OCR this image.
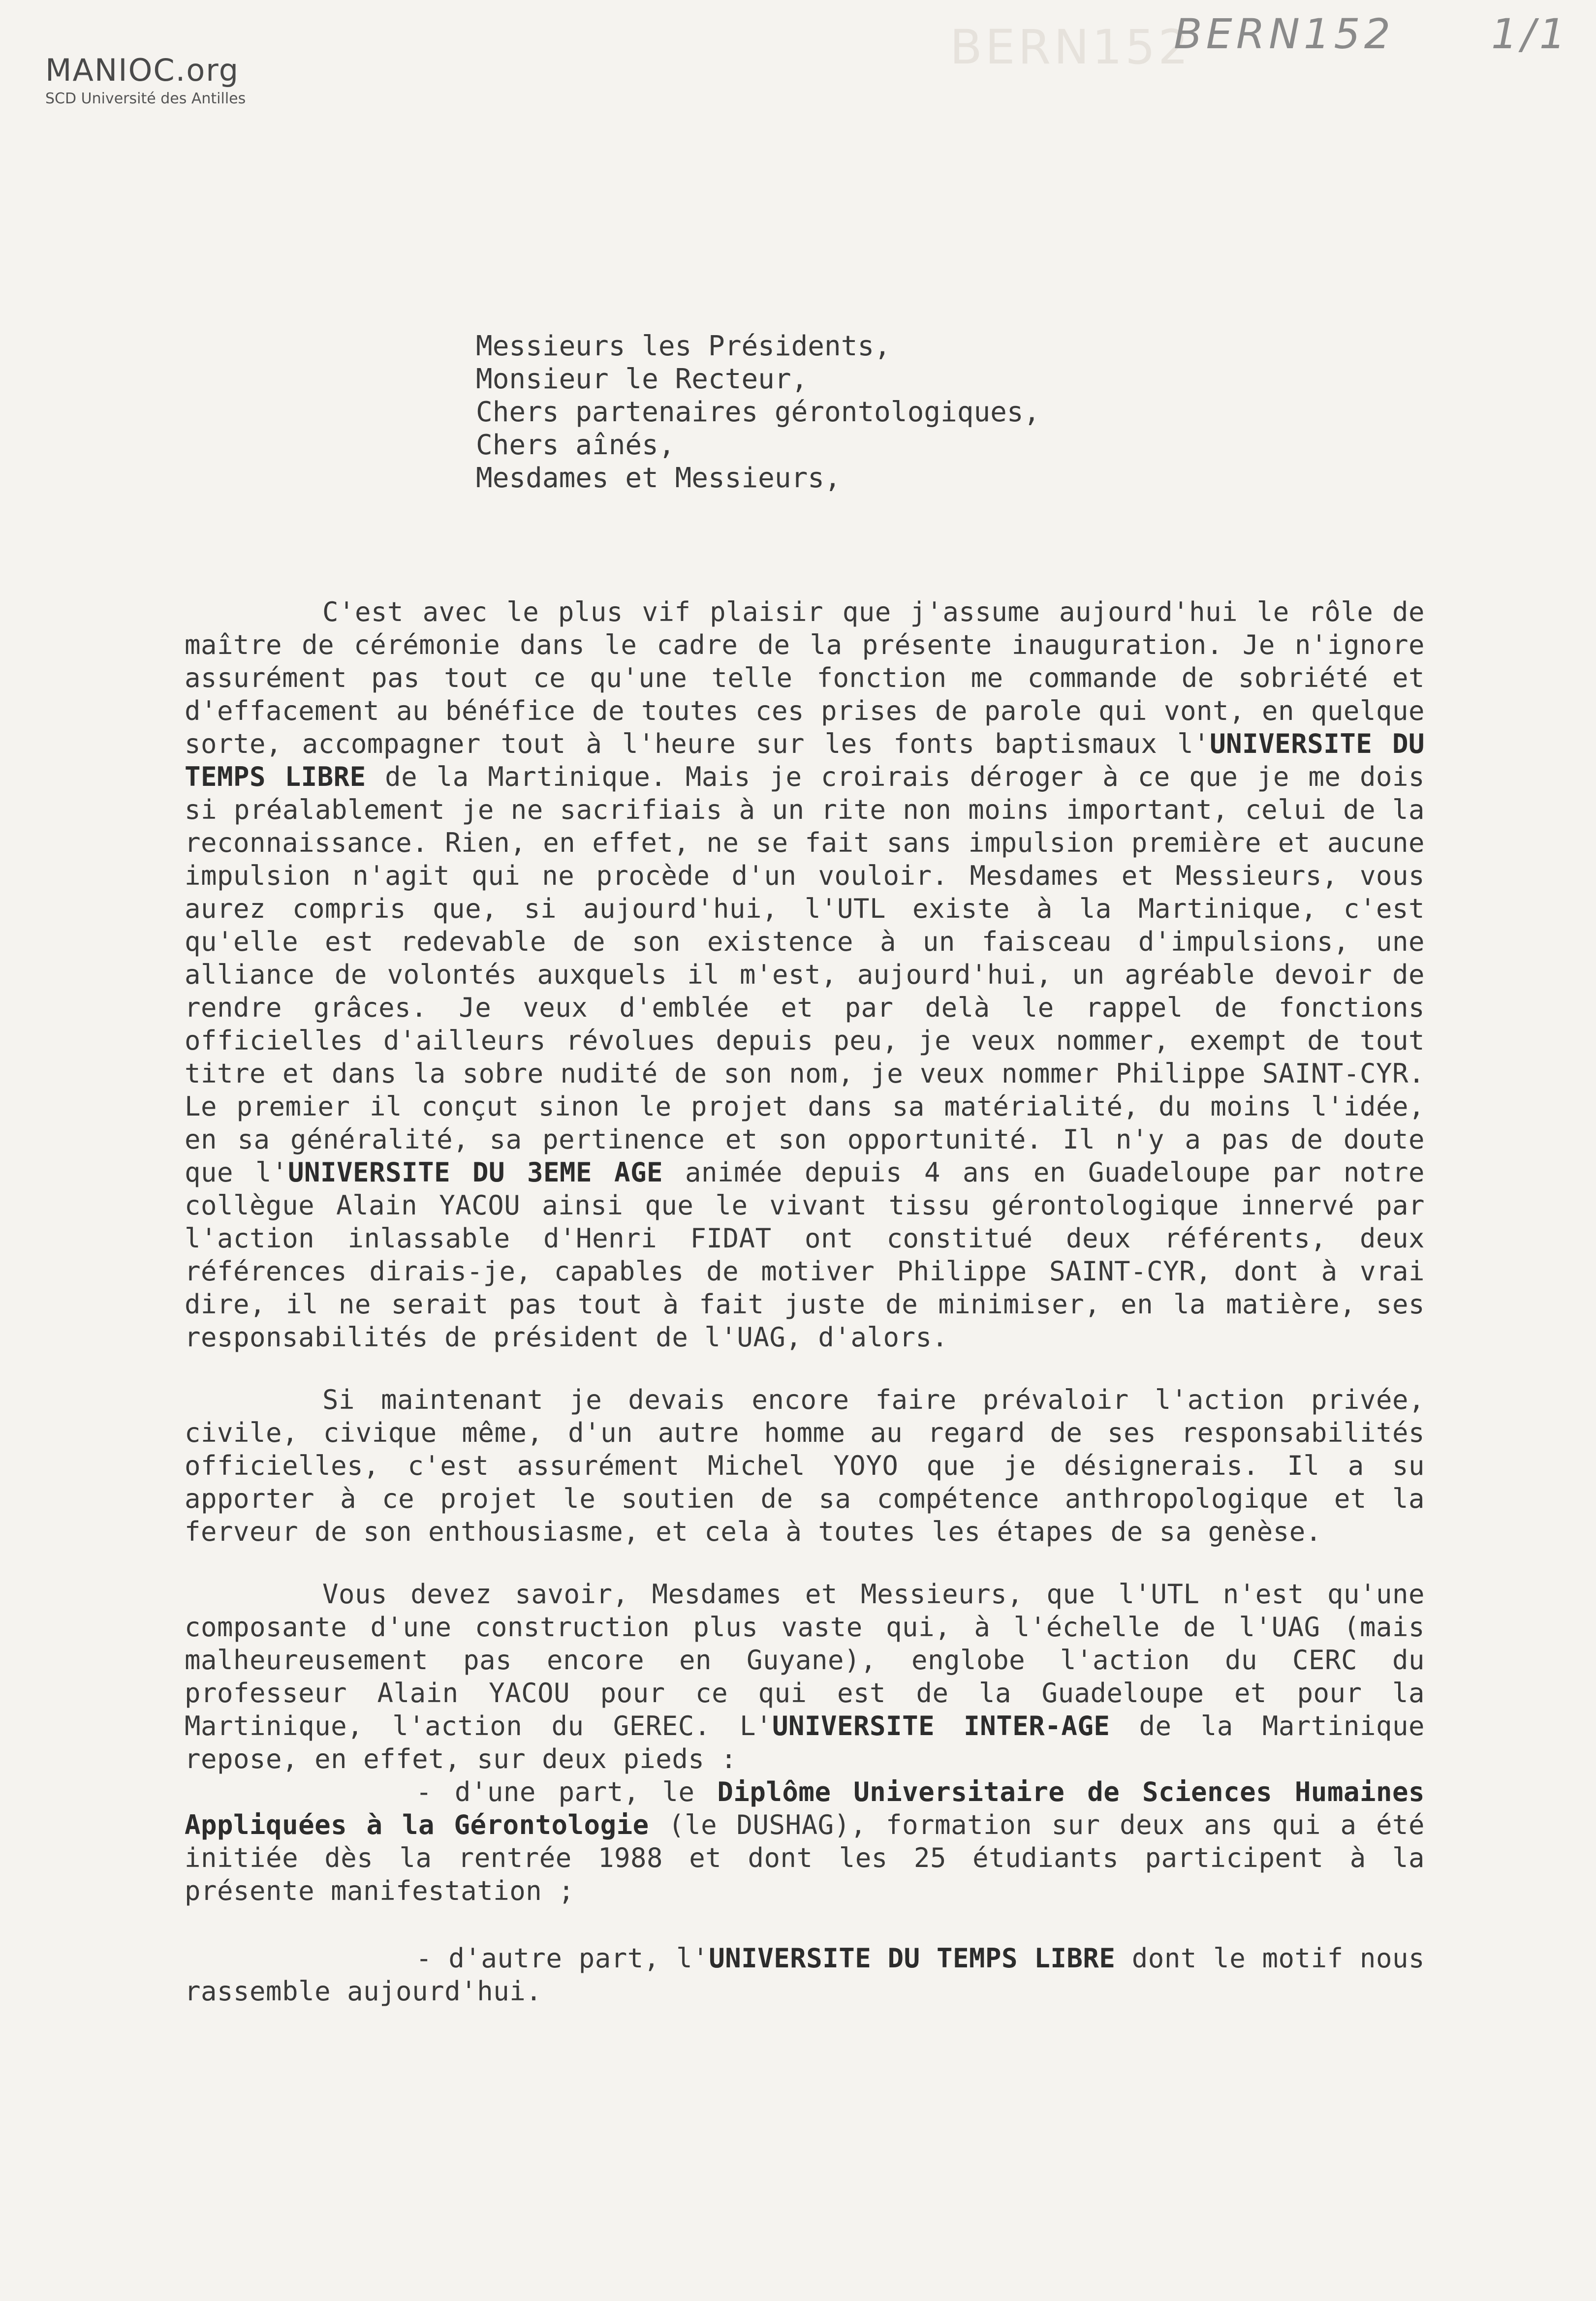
MANIOC.org
SCD Université des Antilles
BERN152
BERN152 1/1
Messieurs les Présidents,
Monsieur le Recteur,
Chers partenaires gérontologiques,
Chers aînés,
Mesdames et Messieurs,

C'est avec le plus vif plaisir que j'assume aujourd'hui le rôle de maître de cérémonie dans le cadre de la présente inauguration. Je n'ignore assurément pas tout ce qu'une telle fonction me commande de sobriété et d'effacement au bénéfice de toutes ces prises de parole qui vont, en quelque sorte, accompagner tout à l'heure sur les fonts baptismaux l'UNIVERSITE DU TEMPS LIBRE de la Martinique. Mais je croirais déroger à ce que je me dois si préalablement je ne sacrifiais à un rite non moins important, celui de la reconnaissance. Rien, en effet, ne se fait sans impulsion première et aucune impulsion n'agit qui ne procède d'un vouloir. Mesdames et Messieurs, vous aurez compris que, si aujourd'hui, l'UTL existe à la Martinique, c'est qu'elle est redevable de son existence à un faisceau d'impulsions, une alliance de volontés auxquels il m'est, aujourd'hui, un agréable devoir de rendre grâces. Je veux d'emblée et par delà le rappel de fonctions officielles d'ailleurs révolues depuis peu, je veux nommer, exempt de tout titre et dans la sobre nudité de son nom, je veux nommer Philippe SAINT-CYR. Le premier il conçut sinon le projet dans sa matérialité, du moins l'idée, en sa généralité, sa pertinence et son opportunité. Il n'y a pas de doute que l'UNIVERSITE DU 3EME AGE animée depuis 4 ans en Guadeloupe par notre collègue Alain YACOU ainsi que le vivant tissu gérontologique innervé par l'action inlassable d'Henri FIDAT ont constitué deux référents, deux références dirais-je, capables de motiver Philippe SAINT-CYR, dont à vrai dire, il ne serait pas tout à fait juste de minimiser, en la matière, ses responsabilités de président de l'UAG, d'alors.

Si maintenant je devais encore faire prévaloir l'action privée, civile, civique même, d'un autre homme au regard de ses responsabilités officielles, c'est assurément Michel YOYO que je désignerais. Il a su apporter à ce projet le soutien de sa compétence anthropologique et la ferveur de son enthousiasme, et cela à toutes les étapes de sa genèse.

Vous devez savoir, Mesdames et Messieurs, que l'UTL n'est qu'une composante d'une construction plus vaste qui, à l'échelle de l'UAG (mais malheureusement pas encore en Guyane), englobe l'action du CERC du professeur Alain YACOU pour ce qui est de la Guadeloupe et pour la Martinique, l'action du GEREC. L'UNIVERSITE INTER-AGE de la Martinique repose, en effet, sur deux pieds :

- d'une part, le Diplôme Universitaire de Sciences Humaines Appliquées à la Gérontologie (le DUSHAG), formation sur deux ans qui a été initiée dès la rentrée 1988 et dont les 25 étudiants participent à la présente manifestation ;

- d'autre part, l'UNIVERSITE DU TEMPS LIBRE dont le motif nous rassemble aujourd'hui.
